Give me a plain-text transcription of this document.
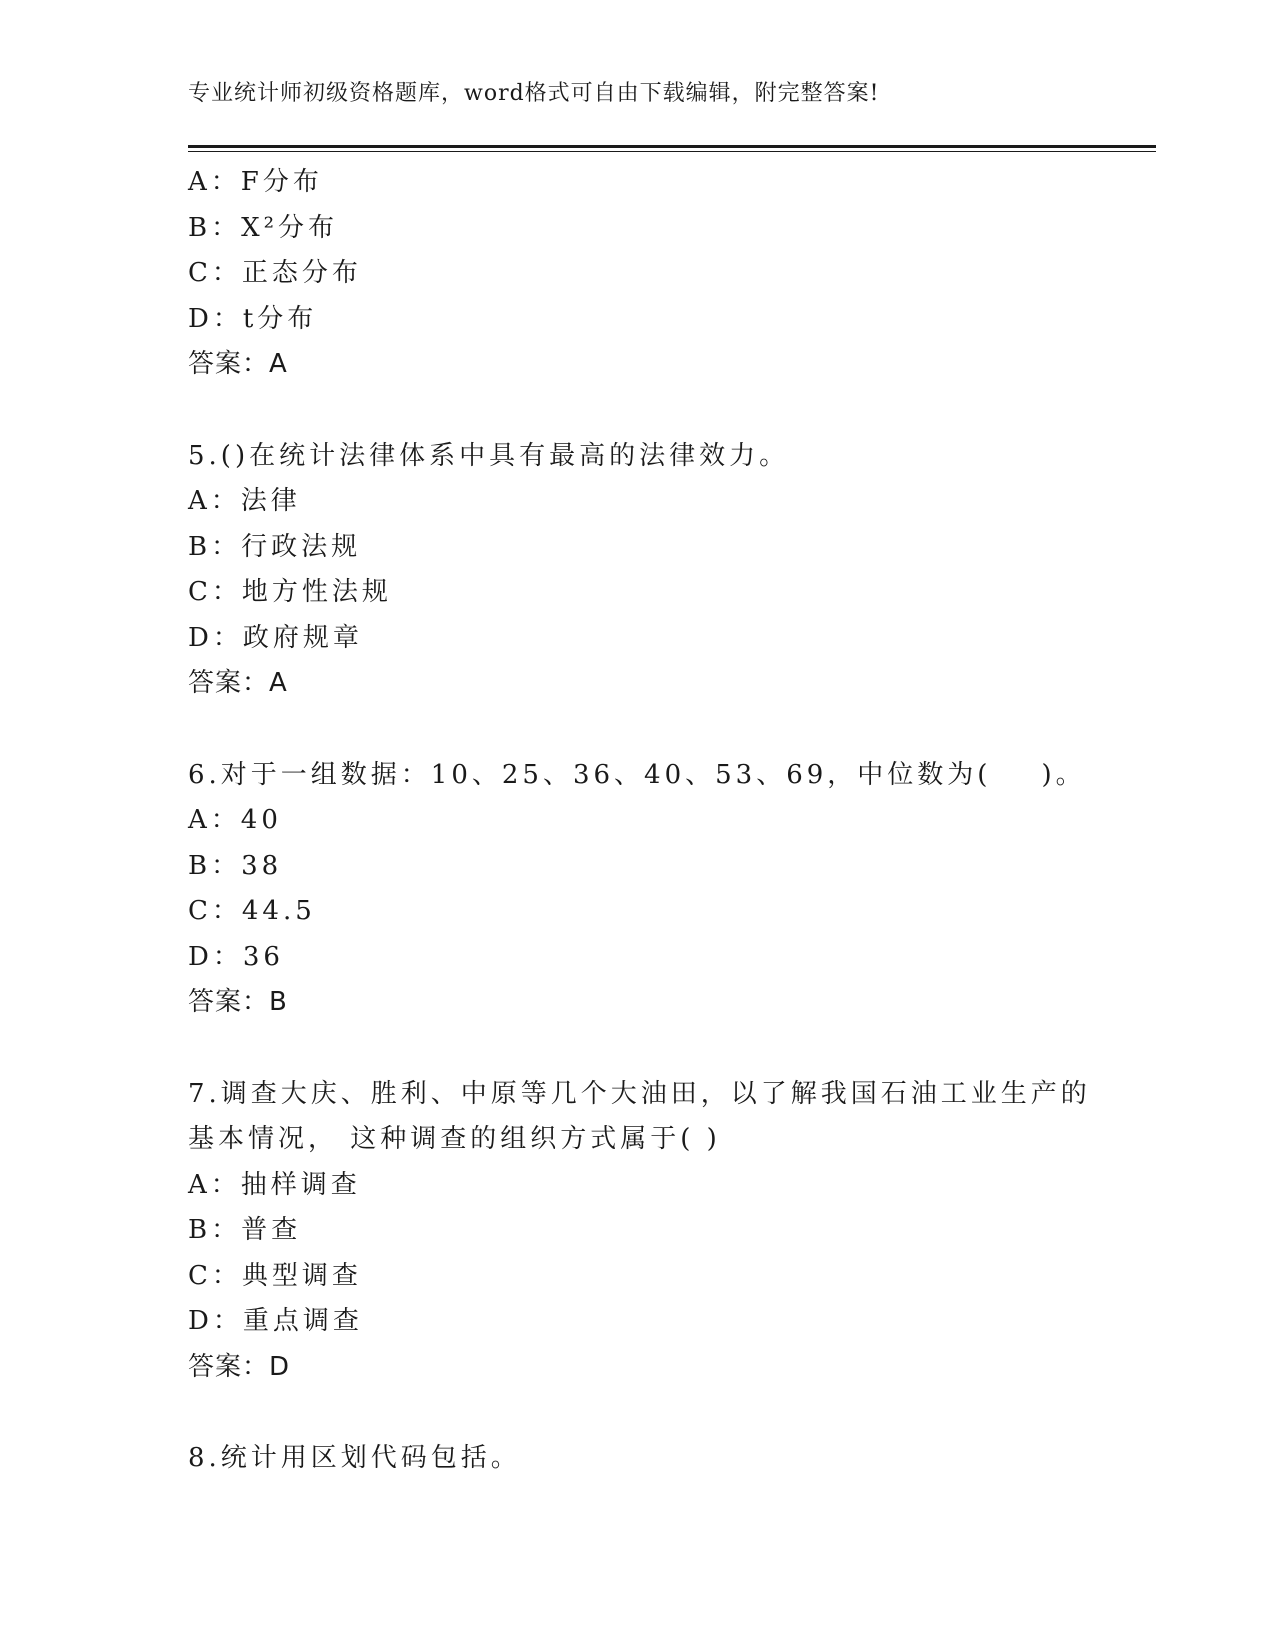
专业统计师初级资格题库，word格式可自由下载编辑，附完整答案!
A：F分布
B：X²分布
C：正态分布
D：t分布
答案：A
5.()在统计法律体系中具有最高的法律效力。
A：法律
B：行政法规
C：地方性法规
D：政府规章
答案：A
6.对于一组数据：10、25、36、40、53、69，中位数为( )。
A：40
B：38
C：44.5
D：36
答案：B
7.调查大庆、胜利、中原等几个大油田，以了解我国石油工业生产的
基本情况， 这种调查的组织方式属于( )
A：抽样调查
B：普查
C：典型调查
D：重点调查
答案：D
8.统计用区划代码包括。
